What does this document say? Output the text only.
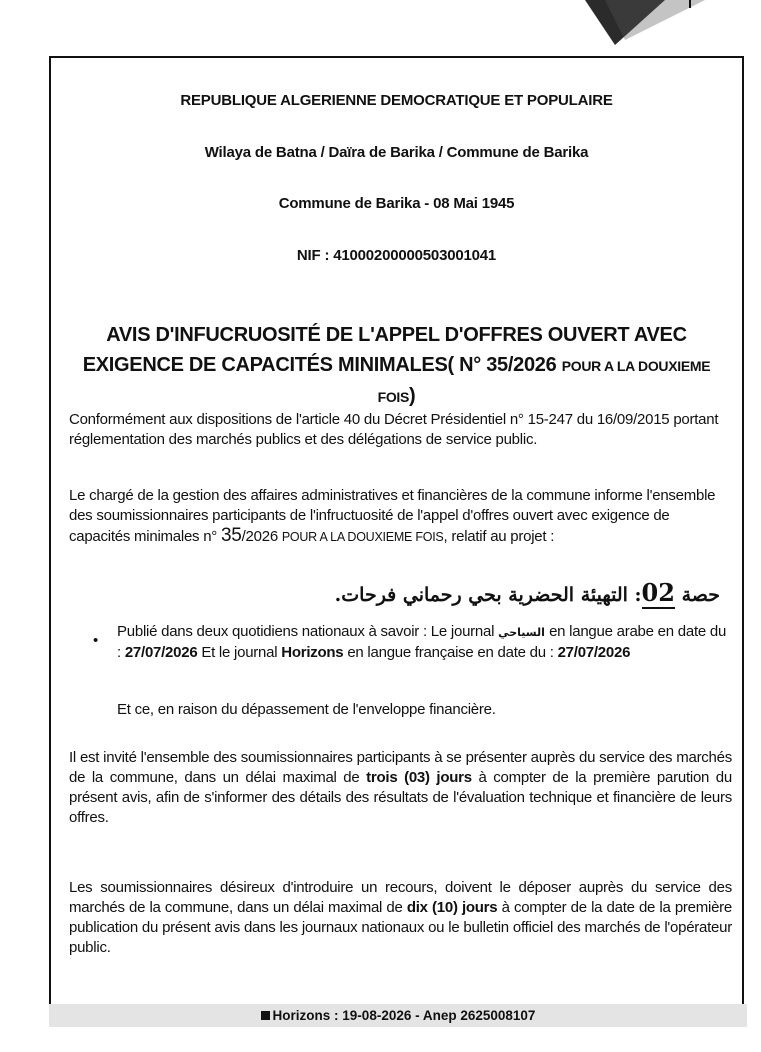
REPUBLIQUE ALGERIENNE DEMOCRATIQUE ET POPULAIRE
Wilaya de Batna / Daïra de Barika / Commune de Barika
Commune de Barika - 08 Mai 1945
NIF : 41000200000503001041
AVIS D'INFUCRUOSITÉ DE L'APPEL D'OFFRES OUVERT AVEC EXIGENCE DE CAPACITÉS MINIMALES( N° 35/2026 POUR A LA DOUXIEME FOIS)
Conformément aux dispositions de l'article 40 du Décret Présidentiel n° 15-247 du 16/09/2015 portant réglementation des marchés publics et des délégations de service public.
Le chargé de la gestion des affaires administratives et financières de la commune informe l'ensemble des soumissionnaires participants de l'infructuosité de l'appel d'offres ouvert avec exigence de capacités minimales n° 35/2026 POUR A LA DOUXIEME FOIS, relatif au projet :
حصة 02: التهيئة الحضرية بحي رحماني فرحات.
•
Publié dans deux quotidiens nationaux à savoir : Le journal السياحي en langue arabe en date du : 27/07/2026 Et le journal Horizons en langue française en date du : 27/07/2026
Et ce, en raison du dépassement de l'enveloppe financière.
Il est invité l'ensemble des soumissionnaires participants à se présenter auprès du service des marchés de la commune, dans un délai maximal de trois (03) jours à compter de la première parution du présent avis, afin de s'informer des détails des résultats de l'évaluation technique et financière de leurs offres.
Les soumissionnaires désireux d'introduire un recours, doivent le déposer auprès du service des marchés de la commune, dans un délai maximal de dix (10) jours à compter de la date de la première publication du présent avis dans les journaux nationaux ou le bulletin officiel des marchés de l'opérateur public.
Horizons : 19-08-2026 - Anep 2625008107
